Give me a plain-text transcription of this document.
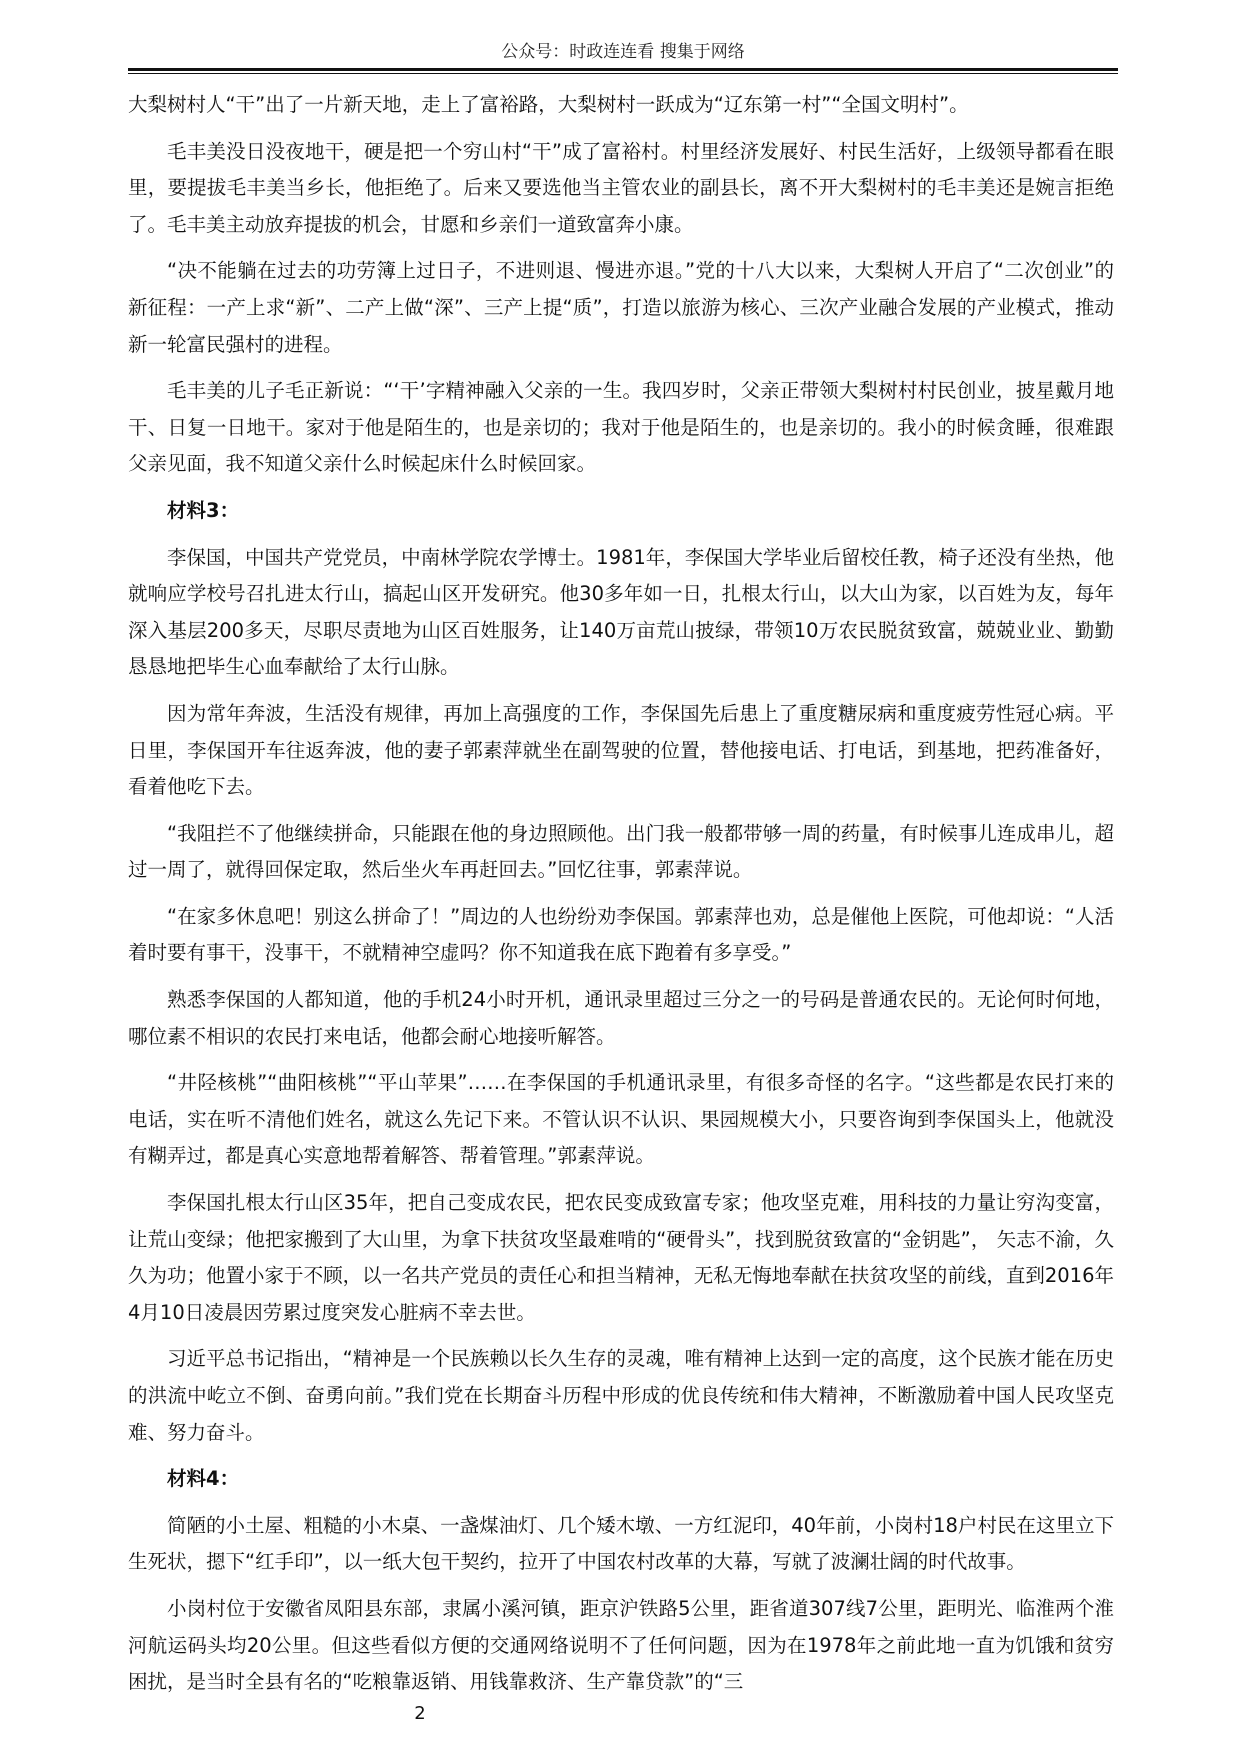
公众号：时政连连看 搜集于网络

大梨树村人“干”出了一片新天地，走上了富裕路，大梨树村一跃成为“辽东第一村”“全国文明村”。

毛丰美没日没夜地干，硬是把一个穷山村“干”成了富裕村。村里经济发展好、村民生活好，上级领导都看在眼里，要提拔毛丰美当乡长，他拒绝了。后来又要选他当主管农业的副县长，离不开大梨树村的毛丰美还是婉言拒绝了。毛丰美主动放弃提拔的机会，甘愿和乡亲们一道致富奔小康。

“决不能躺在过去的功劳簿上过日子，不进则退、慢进亦退。”党的十八大以来，大梨树人开启了“二次创业”的新征程：一产上求“新”、二产上做“深”、三产上提“质”，打造以旅游为核心、三次产业融合发展的产业模式，推动新一轮富民强村的进程。

毛丰美的儿子毛正新说：“‘干’字精神融入父亲的一生。我四岁时，父亲正带领大梨树村村民创业，披星戴月地干、日复一日地干。家对于他是陌生的，也是亲切的；我对于他是陌生的，也是亲切的。我小的时候贪睡，很难跟父亲见面，我不知道父亲什么时候起床什么时候回家。

材料3：

李保国，中国共产党党员，中南林学院农学博士。1981年，李保国大学毕业后留校任教，椅子还没有坐热，他就响应学校号召扎进太行山，搞起山区开发研究。他30多年如一日，扎根太行山，以大山为家，以百姓为友，每年深入基层200多天，尽职尽责地为山区百姓服务，让140万亩荒山披绿，带领10万农民脱贫致富，兢兢业业、勤勤恳恳地把毕生心血奉献给了太行山脉。

因为常年奔波，生活没有规律，再加上高强度的工作，李保国先后患上了重度糖尿病和重度疲劳性冠心病。平日里，李保国开车往返奔波，他的妻子郭素萍就坐在副驾驶的位置，替他接电话、打电话，到基地，把药准备好，看着他吃下去。

“我阻拦不了他继续拼命，只能跟在他的身边照顾他。出门我一般都带够一周的药量，有时候事儿连成串儿，超过一周了，就得回保定取，然后坐火车再赶回去。”回忆往事，郭素萍说。

“在家多休息吧！别这么拼命了！”周边的人也纷纷劝李保国。郭素萍也劝，总是催他上医院，可他却说：“人活着时要有事干，没事干，不就精神空虚吗？你不知道我在底下跑着有多享受。”

熟悉李保国的人都知道，他的手机24小时开机，通讯录里超过三分之一的号码是普通农民的。无论何时何地，哪位素不相识的农民打来电话，他都会耐心地接听解答。

“井陉核桃”“曲阳核桃”“平山苹果”……在李保国的手机通讯录里，有很多奇怪的名字。“这些都是农民打来的电话，实在听不清他们姓名，就这么先记下来。不管认识不认识、果园规模大小，只要咨询到李保国头上，他就没有糊弄过，都是真心实意地帮着解答、帮着管理。”郭素萍说。

李保国扎根太行山区35年，把自己变成农民，把农民变成致富专家；他攻坚克难，用科技的力量让穷沟变富，让荒山变绿；他把家搬到了大山里，为拿下扶贫攻坚最难啃的“硬骨头”，找到脱贫致富的“金钥匙”， 矢志不渝，久久为功；他置小家于不顾，以一名共产党员的责任心和担当精神，无私无悔地奉献在扶贫攻坚的前线，直到2016年4月10日凌晨因劳累过度突发心脏病不幸去世。

习近平总书记指出，“精神是一个民族赖以长久生存的灵魂，唯有精神上达到一定的高度，这个民族才能在历史的洪流中屹立不倒、奋勇向前。”我们党在长期奋斗历程中形成的优良传统和伟大精神，不断激励着中国人民攻坚克难、努力奋斗。

材料4：

简陋的小土屋、粗糙的小木桌、一盏煤油灯、几个矮木墩、一方红泥印，40年前，小岗村18户村民在这里立下生死状，摁下“红手印”，以一纸大包干契约，拉开了中国农村改革的大幕，写就了波澜壮阔的时代故事。

小岗村位于安徽省凤阳县东部，隶属小溪河镇，距京沪铁路5公里，距省道307线7公里，距明光、临淮两个淮河航运码头均20公里。但这些看似方便的交通网络说明不了任何问题，因为在1978年之前此地一直为饥饿和贫穷困扰，是当时全县有名的“吃粮靠返销、用钱靠救济、生产靠贷款”的“三

2
